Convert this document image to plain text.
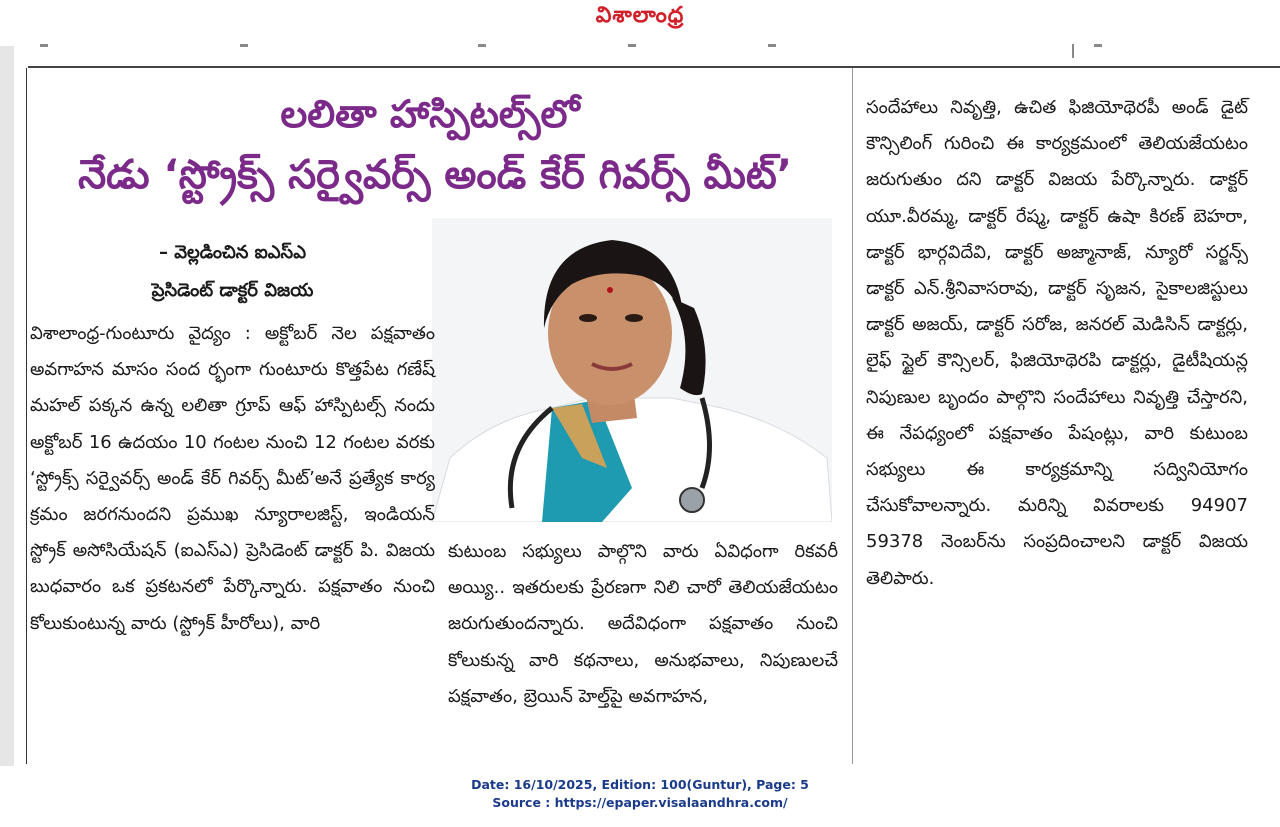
విశాలాంధ్ర
లలితా హాస్పిటల్స్‌లో
నేడు ‘స్ట్రోక్స్ సర్వైవర్స్ అండ్ కేర్ గివర్స్ మీట్’
– వెల్లడించిన ఐఎస్ఎ
ప్రెసిడెంట్ డాక్టర్ విజయ

విశాలాంధ్ర-గుంటూరు వైద్యం : అక్టోబర్ నెల పక్షవాతం అవగాహన మాసం సంద ర్భంగా గుంటూరు కొత్తపేట గణేష్ మహల్ పక్కన ఉన్న లలితా గ్రూప్ ఆఫ్ హాస్పిటల్స్ నందు అక్టోబర్ 16 ఉదయం 10 గంటల నుంచి 12 గంటల వరకు ‘స్ట్రోక్స్ సర్వైవర్స్ అండ్ కేర్ గివర్స్ మీట్’అనే ప్రత్యేక కార్య క్రమం జరగనుందని ప్రముఖ న్యూరాలజిస్ట్, ఇండియన్ స్ట్రోక్ అసోసియేషన్ (ఐఎస్ఎ) ప్రెసిడెంట్ డాక్టర్ పి. విజయ బుధవారం ఒక ప్రకటనలో పేర్కొన్నారు. పక్షవాతం నుంచి కోలుకుంటున్న వారు (స్ట్రోక్ హీరోలు), వారి

కుటుంబ సభ్యులు పాల్గొని వారు ఏవిధంగా రికవరీ అయ్యి.. ఇతరులకు ప్రేరణగా నిలి చారో తెలియజేయటం జరుగుతుందన్నారు. అదేవిధంగా పక్షవాతం నుంచి కోలుకున్న వారి కథనాలు, అనుభవాలు, నిపుణులచే పక్షవాతం, బ్రెయిన్ హెల్త్‌పై అవగాహన,

సందేహాలు నివృత్తి, ఉచిత ఫిజియోథెరపీ అండ్ డైట్ కౌన్సిలింగ్ గురించి ఈ కార్యక్రమంలో తెలియజేయటం జరుగుతుం దని డాక్టర్ విజయ పేర్కొన్నారు. డాక్టర్ యూ.వీరమ్మ, డాక్టర్ రేష్మ, డాక్టర్ ఉషా కిరణ్ బెహరా, డాక్టర్ భార్గవిదేవి, డాక్టర్ అజ్మానాజ్, న్యూరో సర్జన్స్ డాక్టర్ ఎన్.శ్రీనివాసరావు, డాక్టర్ సృజన, సైకాలజిస్టులు డాక్టర్ అజయ్, డాక్టర్ సరోజ, జనరల్ మెడిసిన్ డాక్టర్లు, లైఫ్ స్టైల్ కౌన్సిలర్, ఫిజియోథెరపి డాక్టర్లు, డైటీషియన్ల నిపుణుల బృందం పాల్గొని సందేహాలు నివృత్తి చేస్తారని, ఈ నేపధ్యంలో పక్షవాతం పేషంట్లు, వారి కుటుంబ సభ్యులు ఈ కార్యక్రమాన్ని సద్వినియోగం చేసుకోవాలన్నారు. మరిన్ని వివరాలకు 94907 59378 నెంబర్‌ను సంప్రదించాలని డాక్టర్ విజయ తెలిపారు.

Date: 16/10/2025, Edition: 100(Guntur), Page: 5
Source : https://epaper.visalaandhra.com/
